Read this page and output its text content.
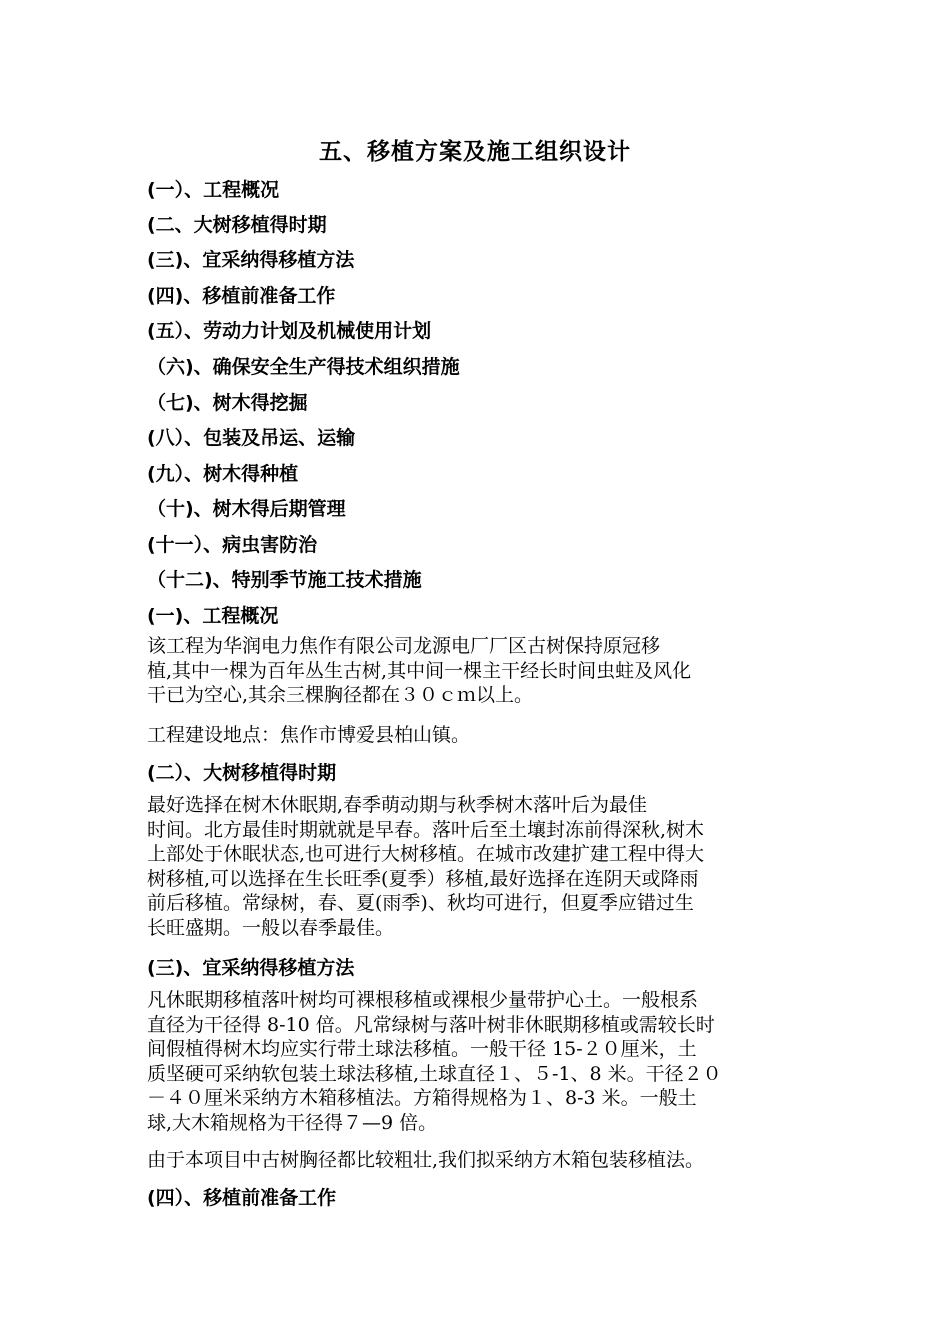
五、移植方案及施工组织设计
(一）、工程概况
(二、大树移植得时期
(三)、宜采纳得移植方法
(四)、移植前准备工作
(五）、劳动力计划及机械使用计划
（六)、确保安全生产得技术组织措施
（七)、树木得挖掘
(八）、包装及吊运、运输
(九）、树木得种植
（十)、树木得后期管理
(十一）、病虫害防治
（十二)、特别季节施工技术措施
(一)、工程概况
该工程为华润电力焦作有限公司龙源电厂厂区古树保持原冠移
植,其中一棵为百年丛生古树,其中间一棵主干经长时间虫蛀及风化
干已为空心,其余三棵胸径都在３０ｃｍ以上。
工程建设地点：焦作市博爱县柏山镇。
(二）、大树移植得时期
最好选择在树木休眠期,春季萌动期与秋季树木落叶后为最佳
时间。北方最佳时期就就是早春。落叶后至土壤封冻前得深秋,树木
上部处于休眠状态,也可进行大树移植。在城市改建扩建工程中得大
树移植,可以选择在生长旺季(夏季）移植,最好选择在连阴天或降雨
前后移植。常绿树，春、夏(雨季)、秋均可进行，但夏季应错过生
长旺盛期。一般以春季最佳。
(三)、宜采纳得移植方法
凡休眠期移植落叶树均可裸根移植或裸根少量带护心土。一般根系
直径为干径得 8-10 倍。凡常绿树与落叶树非休眠期移植或需较长时
间假植得树木均应实行带土球法移植。一般干径 15-２０厘米，土
质坚硬可采纳软包装土球法移植,土球直径１、５-1、8 米。干径２０
－４０厘米采纳方木箱移植法。方箱得规格为１、8-3 米。一般土
球,大木箱规格为干径得７—9 倍。
由于本项目中古树胸径都比较粗壮,我们拟采纳方木箱包装移植法。
(四）、移植前准备工作
